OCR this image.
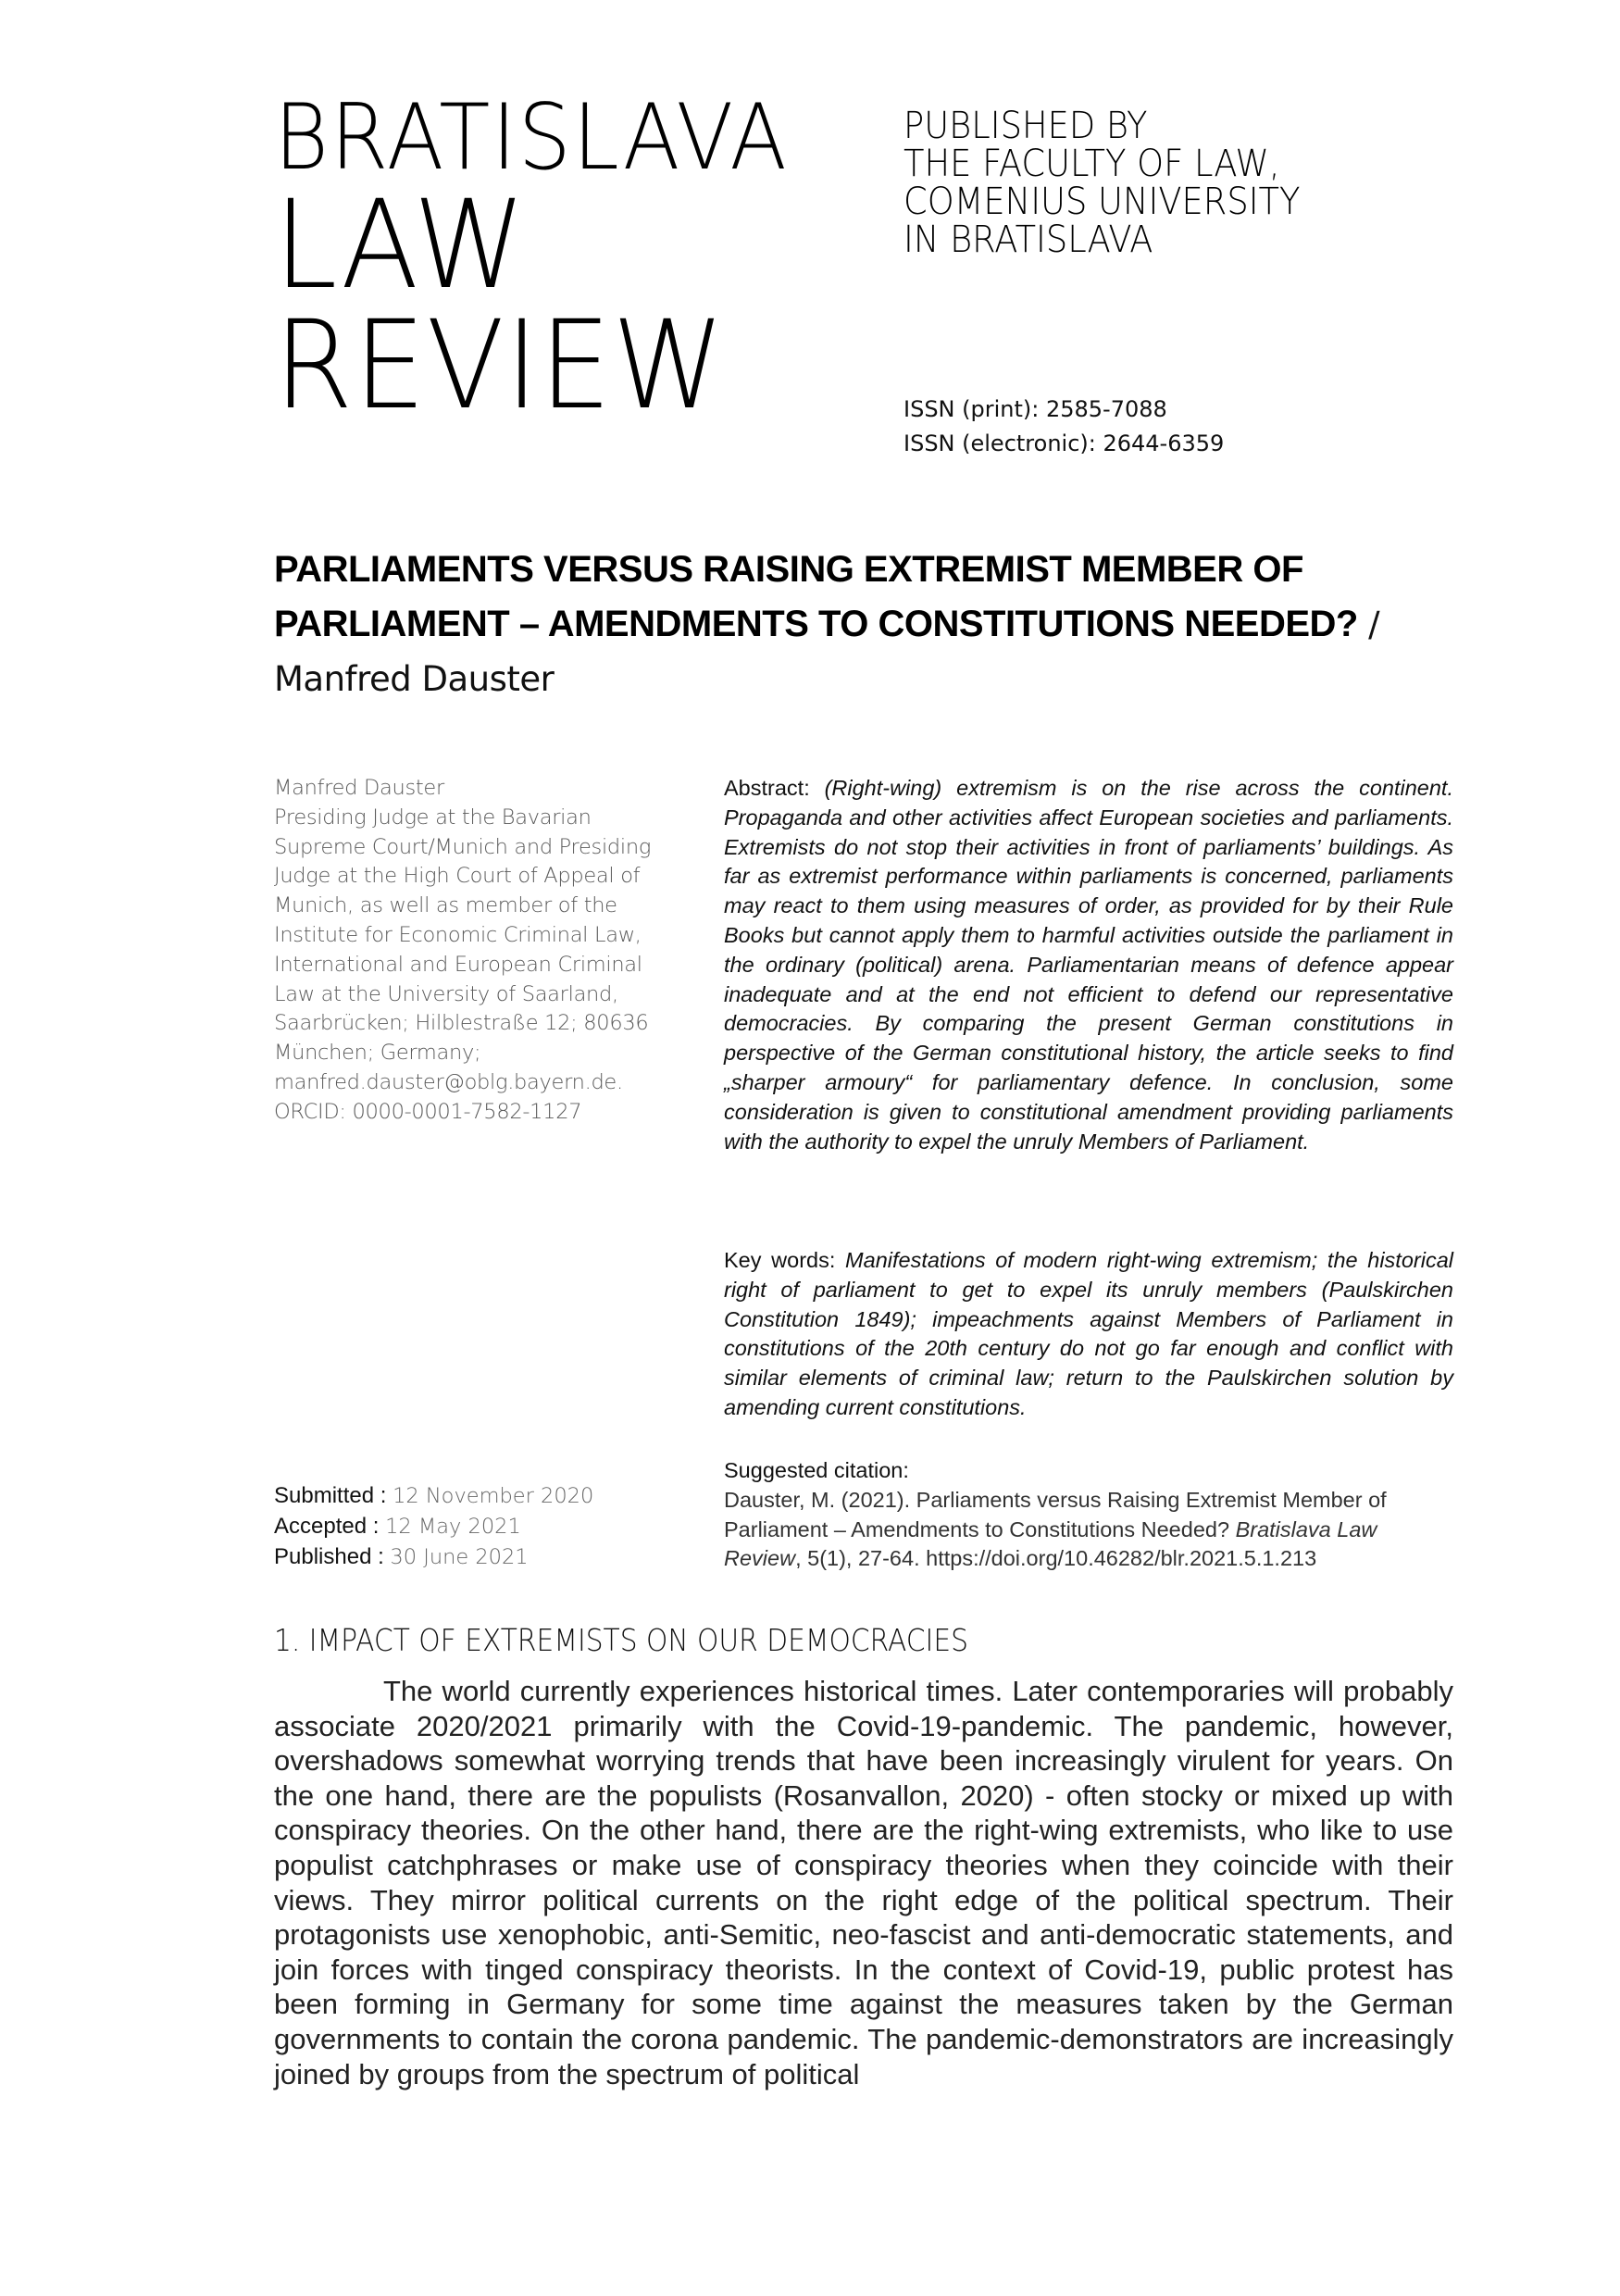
BRATISLAVA
LAW
REVIEW
PUBLISHED BY
THE FACULTY OF LAW,
COMENIUS UNIVERSITY
IN BRATISLAVA
ISSN (print): 2585-7088
ISSN (electronic): 2644-6359
PARLIAMENTS VERSUS RAISING EXTREMIST MEMBER OF PARLIAMENT – AMENDMENTS TO CONSTITUTIONS NEEDED? / Manfred Dauster
Manfred Dauster
Presiding Judge at the Bavarian
Supreme Court/Munich and Presiding
Judge at the High Court of Appeal of
Munich, as well as member of the
Institute for Economic Criminal Law,
International and European Criminal
Law at the University of Saarland,
Saarbrücken; Hilblestraße 12; 80636
München; Germany;
manfred.dauster@oblg.bayern.de.
ORCID: 0000-0001-7582-1127
Abstract: (Right-wing) extremism is on the rise across the continent. Propaganda and other activities affect European societies and parliaments. Extremists do not stop their activities in front of parliaments’ buildings. As far as extremist performance within parliaments is concerned, parliaments may react to them using measures of order, as provided for by their Rule Books but cannot apply them to harmful activities outside the parliament in the ordinary (political) arena. Parliamentarian means of defence appear inadequate and at the end not efficient to defend our representative democracies. By comparing the present German constitutions in perspective of the German constitutional history, the article seeks to find „sharper armoury“ for parliamentary defence. In conclusion, some consideration is given to constitutional amendment providing parliaments with the authority to expel the unruly Members of Parliament.
Key words: Manifestations of modern right-wing extremism; the historical right of parliament to get to expel its unruly members (Paulskirchen Constitution 1849); impeachments against Members of Parliament in constitutions of the 20th century do not go far enough and conflict with similar elements of criminal law; return to the Paulskirchen solution by amending current constitutions.
Suggested citation:
Dauster, M. (2021). Parliaments versus Raising Extremist Member of Parliament – Amendments to Constitutions Needed? Bratislava Law Review, 5(1), 27-64. https://doi.org/10.46282/blr.2021.5.1.213
Submitted : 12 November 2020
Accepted : 12 May 2021
Published : 30 June 2021
1. IMPACT OF EXTREMISTS ON OUR DEMOCRACIES
The world currently experiences historical times. Later contemporaries will probably associate 2020/2021 primarily with the Covid-19-pandemic. The pandemic, however, overshadows somewhat worrying trends that have been increasingly virulent for years. On the one hand, there are the populists (Rosanvallon, 2020) - often stocky or mixed up with conspiracy theories. On the other hand, there are the right-wing extremists, who like to use populist catchphrases or make use of conspiracy theories when they coincide with their views. They mirror political currents on the right edge of the political spectrum. Their protagonists use xenophobic, anti-Semitic, neo-fascist and anti-democratic statements, and join forces with tinged conspiracy theorists. In the context of Covid-19, public protest has been forming in Germany for some time against the measures taken by the German governments to contain the corona pandemic. The pandemic-demonstrators are increasingly joined by groups from the spectrum of political
